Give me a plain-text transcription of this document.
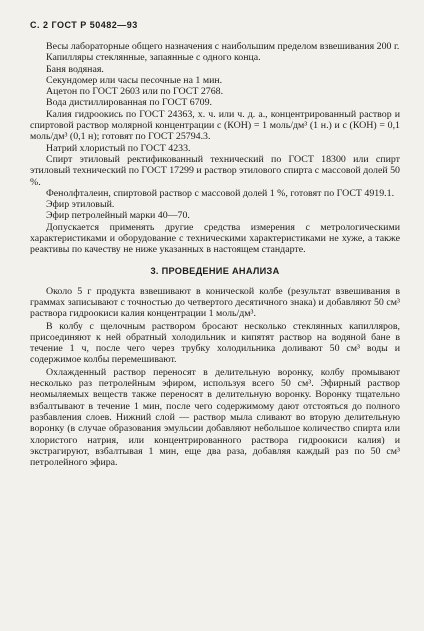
С. 2 ГОСТ Р 50482—93

Весы лабораторные общего назначения с наибольшим пределом взвешивания 200 г.

Капилляры стеклянные, запаянные с одного конца.

Баня водяная.

Секундомер или часы песочные на 1 мин.

Ацетон по ГОСТ 2603 или по ГОСТ 2768.

Вода дистиллированная по ГОСТ 6709.

Калия гидроокись по ГОСТ 24363, х. ч. или ч. д. а., концентрированный раствор и спиртовой раствор молярной концентрации с (КОН) = 1 моль/дм³ (1 н.) и с (КОН) = 0,1 моль/дм³ (0,1 н); готовят по ГОСТ 25794.3.

Натрий хлористый по ГОСТ 4233.

Спирт этиловый ректификованный технический по ГОСТ 18300 или спирт этиловый технический по ГОСТ 17299 и раствор этилового спирта с массовой долей 50 %.

Фенолфталеин, спиртовой раствор с массовой долей 1 %, готовят по ГОСТ 4919.1.

Эфир этиловый.

Эфир петролейный марки 40—70.

Допускается применять другие средства измерения с метрологическими характеристиками и оборудование с техническими характеристиками не хуже, а также реактивы по качеству не ниже указанных в настоящем стандарте.

3. ПРОВЕДЕНИЕ АНАЛИЗА

Около 5 г продукта взвешивают в конической колбе (результат взвешивания в граммах записывают с точностью до четвертого десятичного знака) и добавляют 50 см³ раствора гидроокиси калия концентрации 1 моль/дм³.

В колбу с щелочным раствором бросают несколько стеклянных капилляров, присоединяют к ней обратный холодильник и кипятят раствор на водяной бане в течение 1 ч, после чего через трубку холодильника доливают 50 см³ воды и содержимое колбы перемешивают.

Охлажденный раствор переносят в делительную воронку, колбу промывают несколько раз петролейным эфиром, используя всего 50 см³. Эфирный раствор неомыляемых веществ также переносят в делительную воронку. Воронку тщательно взбалтывают в течение 1 мин, после чего содержимому дают отстояться до полного разбавления слоев. Нижний слой — раствор мыла сливают во вторую делительную воронку (в случае образования эмульсии добавляют небольшое количество спирта или хлористого натрия, или концентрированного раствора гидроокиси калия) и экстрагируют, взбалтывая 1 мин, еще два раза, добавляя каждый раз по 50 см³ петролейного эфира.
